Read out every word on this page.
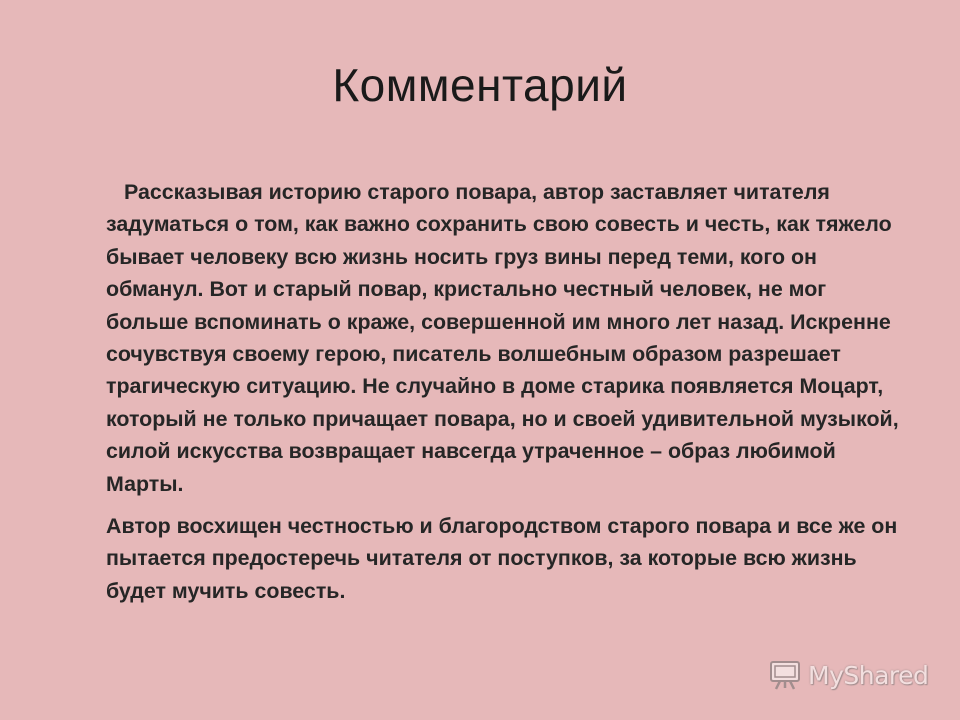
Комментарий

Рассказывая историю старого повара, автор заставляет читателя задуматься о том, как важно сохранить свою совесть и честь, как тяжело бывает человеку всю жизнь носить груз вины перед теми, кого он обманул. Вот и старый повар, кристально честный человек, не мог больше вспоминать о краже, совершенной им много лет назад. Искренне сочувствуя своему герою, писатель волшебным образом разрешает трагическую ситуацию. Не случайно в доме старика появляется Моцарт, который не только причащает повара, но и своей удивительной музыкой, силой искусства возвращает навсегда утраченное – образ любимой Марты.

Автор восхищен честностью и благородством старого повара и все же он пытается предостеречь читателя от поступков, за которые всю жизнь будет мучить совесть.

MyShared
